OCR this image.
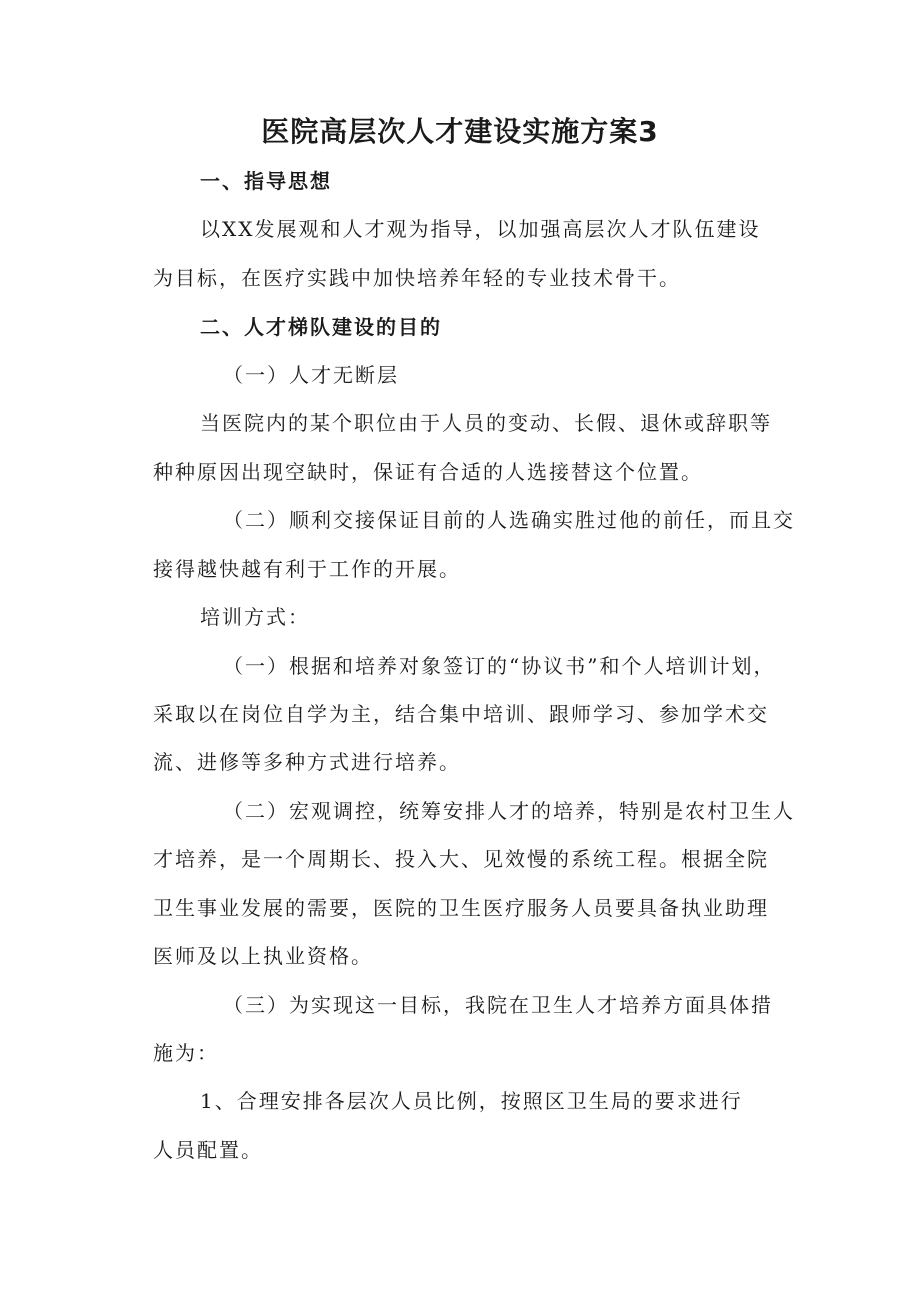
医院高层次人才建设实施方案3

一、指导思想

以XX发展观和人才观为指导，以加强高层次人才队伍建设

为目标，在医疗实践中加快培养年轻的专业技术骨干。

二、人才梯队建设的目的

（一）人才无断层

当医院内的某个职位由于人员的变动、长假、退休或辞职等

种种原因出现空缺时，保证有合适的人选接替这个位置。

（二）顺利交接保证目前的人选确实胜过他的前任，而且交

接得越快越有利于工作的开展。

培训方式：

（一）根据和培养对象签订的“协议书”和个人培训计划，

采取以在岗位自学为主，结合集中培训、跟师学习、参加学术交

流、进修等多种方式进行培养。

（二）宏观调控，统筹安排人才的培养，特别是农村卫生人

才培养，是一个周期长、投入大、见效慢的系统工程。根据全院

卫生事业发展的需要，医院的卫生医疗服务人员要具备执业助理

医师及以上执业资格。

（三）为实现这一目标，我院在卫生人才培养方面具体措

施为：

1、合理安排各层次人员比例，按照区卫生局的要求进行

人员配置。
